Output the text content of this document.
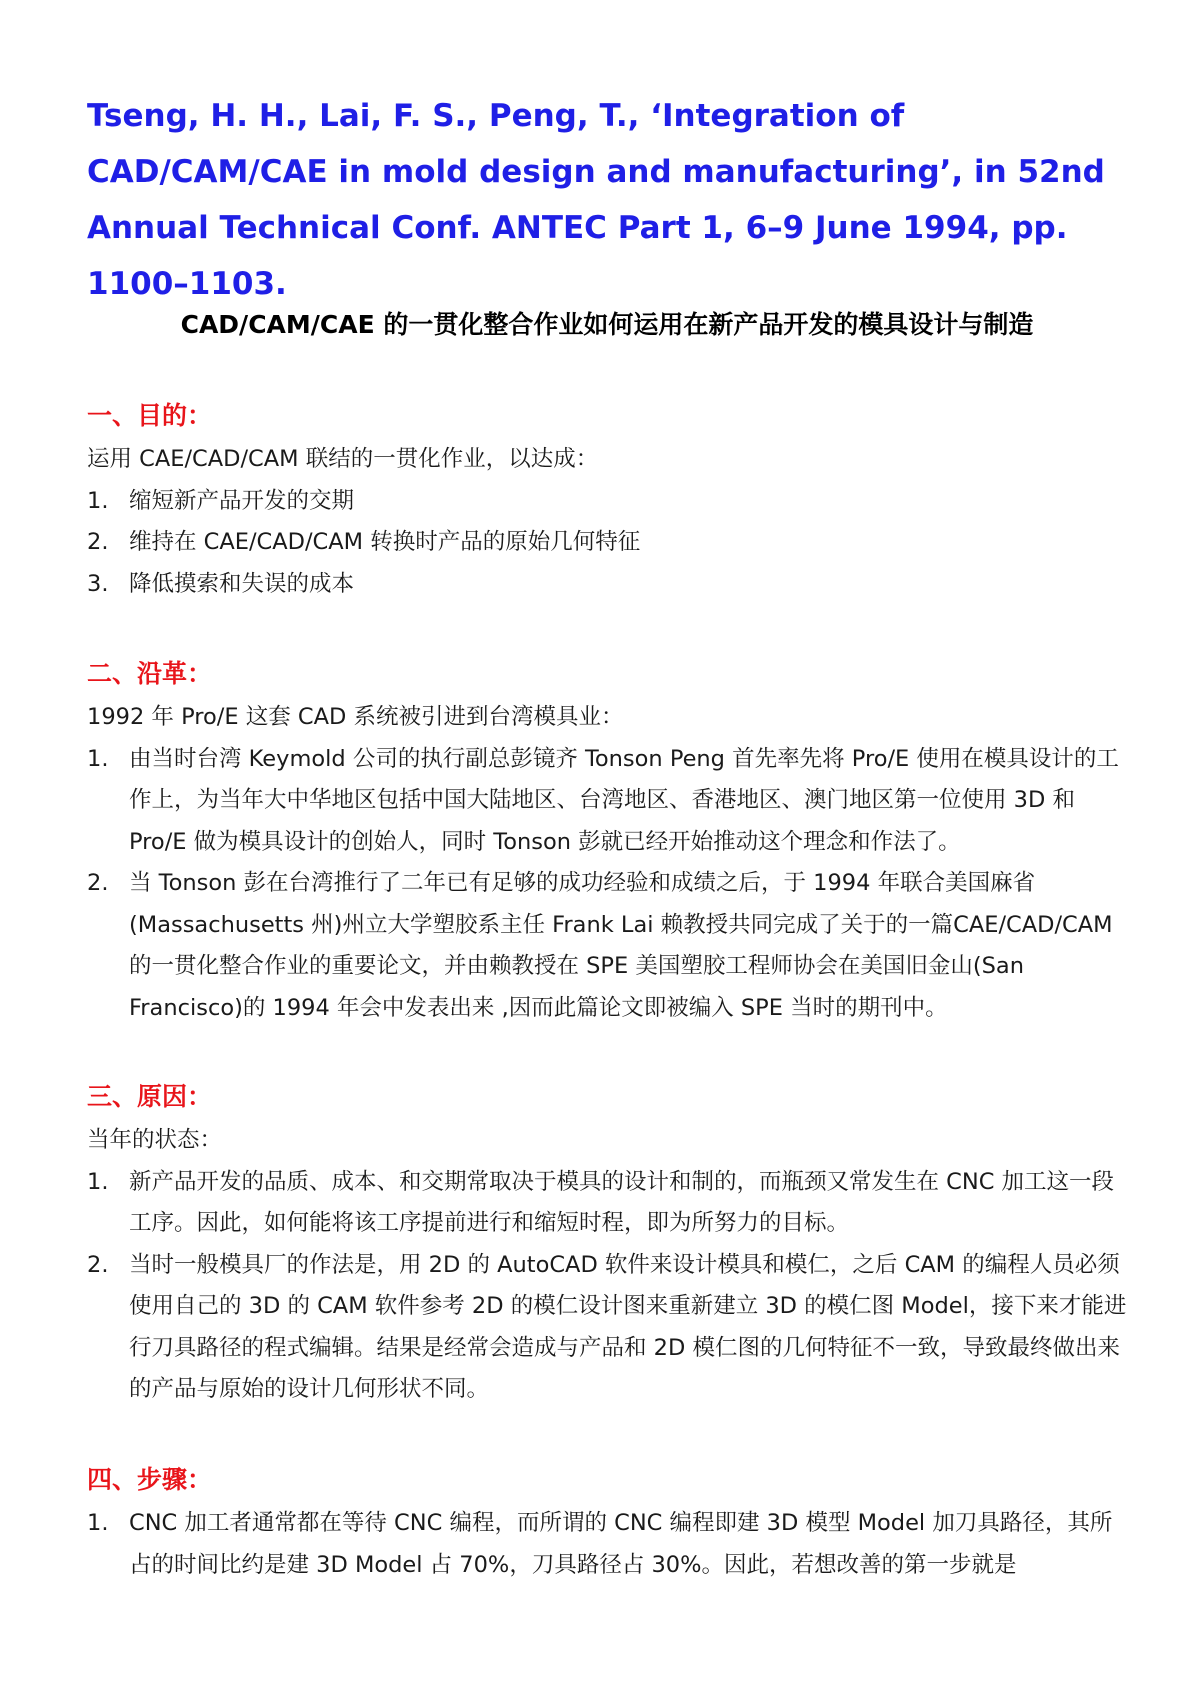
Tseng, H. H., Lai, F. S., Peng, T., ‘Integration of CAD/CAM/CAE in mold design and manufacturing’, in 52nd Annual Technical Conf. ANTEC Part 1, 6–9 June 1994, pp. 1100–1103.
CAD/CAM/CAE 的一贯化整合作业如何运用在新产品开发的模具设计与制造
一、目的：

运用 CAE/CAD/CAM 联结的一贯化作业，以达成：

1. 缩短新产品开发的交期
2. 维持在 CAE/CAD/CAM 转换时产品的原始几何特征
3. 降低摸索和失误的成本
二、沿革：

1992 年 Pro/E 这套 CAD 系统被引进到台湾模具业：

1. 由当时台湾 Keymold 公司的执行副总彭镜齐 Tonson Peng 首先率先将 Pro/E 使用在模具设计的工作上，为当年大中华地区包括中国大陆地区、台湾地区、香港地区、澳门地区第一位使用 3D 和 Pro/E 做为模具设计的创始人，同时 Tonson 彭就已经开始推动这个理念和作法了。
2. 当 Tonson 彭在台湾推行了二年已有足够的成功经验和成绩之后，于 1994 年联合美国麻省(Massachusetts 州)州立大学塑胶系主任 Frank Lai 赖教授共同完成了关于的一篇CAE/CAD/CAM 的一贯化整合作业的重要论文，并由赖教授在 SPE 美国塑胶工程师协会在美国旧金山(San Francisco)的 1994 年会中发表出来 ,因而此篇论文即被编入 SPE 当时的期刊中。
三、原因：

当年的状态：

1. 新产品开发的品质、成本、和交期常取决于模具的设计和制的，而瓶颈又常发生在 CNC 加工这一段工序。因此，如何能将该工序提前进行和缩短时程，即为所努力的目标。
2. 当时一般模具厂的作法是，用 2D 的 AutoCAD 软件来设计模具和模仁，之后 CAM 的编程人员必须使用自己的 3D 的 CAM 软件参考 2D 的模仁设计图来重新建立 3D 的模仁图 Model，接下来才能进行刀具路径的程式编辑。结果是经常会造成与产品和 2D 模仁图的几何特征不一致，导致最终做出来的产品与原始的设计几何形状不同。
四、步骤：
1. CNC 加工者通常都在等待 CNC 编程，而所谓的 CNC 编程即建 3D 模型 Model 加刀具路径，其所占的时间比约是建 3D Model 占 70%，刀具路径占 30%。因此，若想改善的第一步就是
